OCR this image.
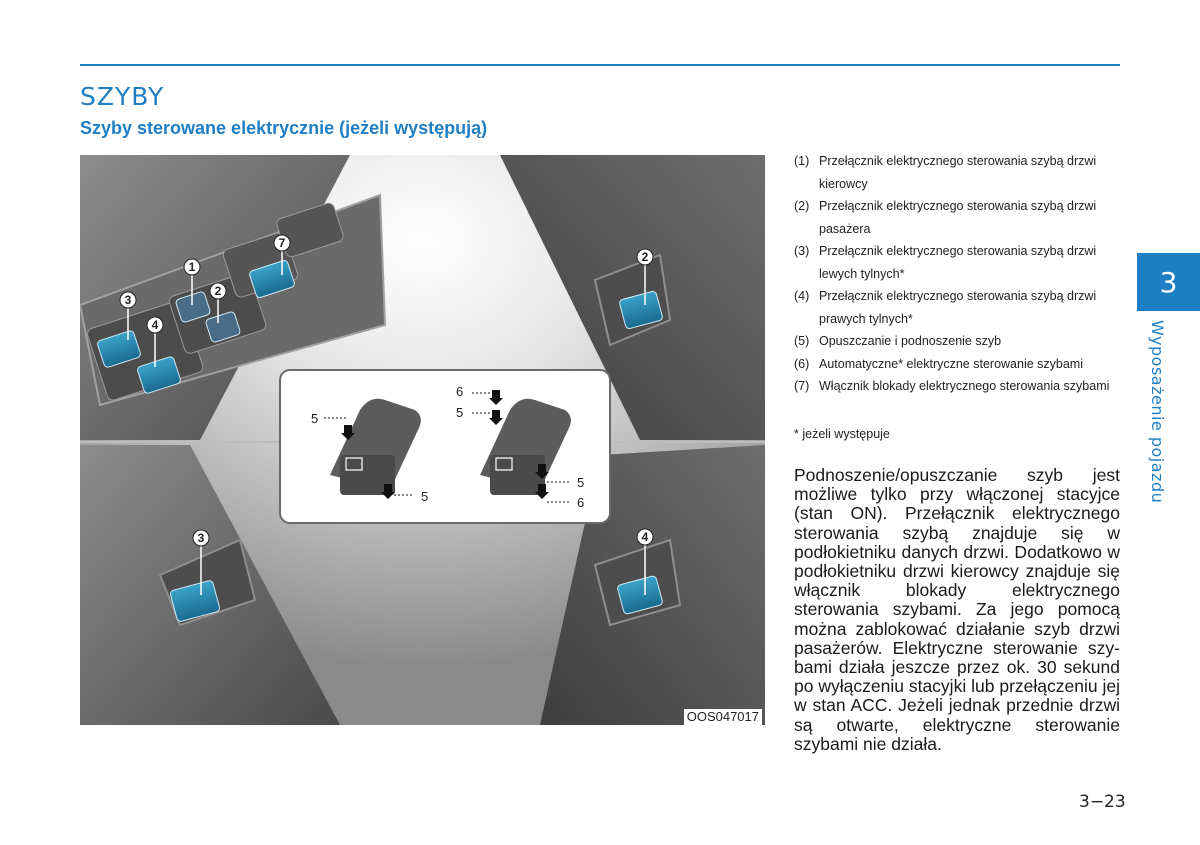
SZYBY
Szyby sterowane elektrycznie (jeżeli występują)
1
2
3
4
7
2
3	4
5
5
6
5
5
6
OOS047017
(1) Przełącznik elektrycznego sterowania szybą drzwi kierowcy
(2) Przełącznik elektrycznego sterowania szybą drzwi pasażera
(3) Przełącznik elektrycznego sterowania szybą drzwi lewych tylnych*
(4) Przełącznik elektrycznego sterowania szybą drzwi prawych tylnych*
(5) Opuszczanie i podnoszenie szyb
(6) Automatyczne* elektryczne sterowanie szybami
(7) Włącznik blokady elektrycznego sterowania szybami
* jeżeli występuje

Podnoszenie/opuszczanie szyb jest możliwe tylko przy włączonej stacyjce (stan ON). Przełącznik elektrycznego sterowania szybą znajduje się w podłokietniku danych drzwi. Dodatkowo w podłokietniku drzwi kierowcy znajduje się włącznik blokady elektrycznego sterowania szybami. Za jego pomocą można zablokować działanie szyb drzwi pasażerów. Elektryczne sterowanie szybami działa jeszcze przez ok. 30 sekund po wyłączeniu stacyjki lub przełączeniu jej w stan ACC. Jeżeli jednak przednie drzwi są otwarte, elektryczne sterowanie szybami nie działa.

3
Wyposażenie pojazdu
3−23
